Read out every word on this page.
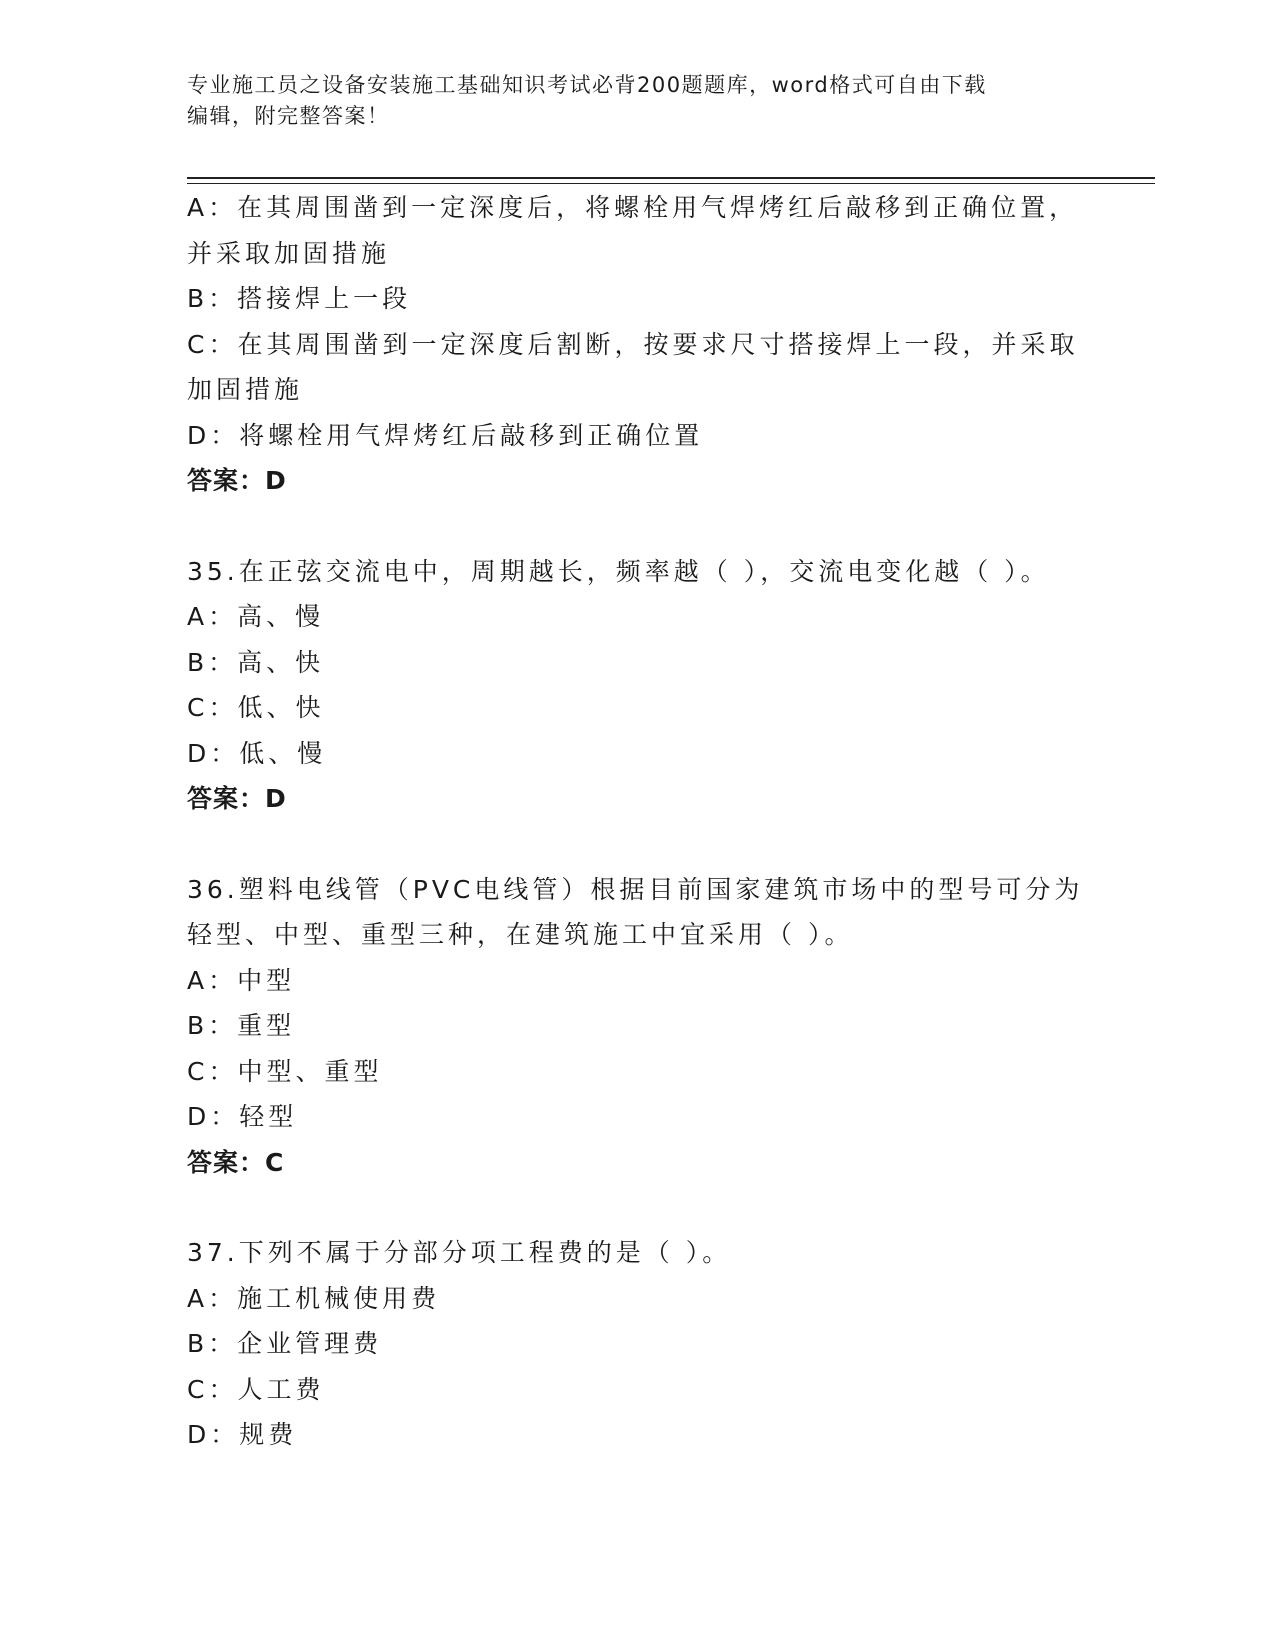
专业施工员之设备安装施工基础知识考试必背200题题库，word格式可自由下载
编辑，附完整答案！
A：在其周围凿到一定深度后，将螺栓用气焊烤红后敲移到正确位置，
并采取加固措施
B：搭接焊上一段
C：在其周围凿到一定深度后割断，按要求尺寸搭接焊上一段，并采取
加固措施
D：将螺栓用气焊烤红后敲移到正确位置
答案：D
35.在正弦交流电中，周期越长，频率越（ ），交流电变化越（ ）。
A：高、慢
B：高、快
C：低、快
D：低、慢
答案：D
36.塑料电线管（PVC电线管）根据目前国家建筑市场中的型号可分为
轻型、中型、重型三种，在建筑施工中宜采用（ ）。
A：中型
B：重型
C：中型、重型
D：轻型
答案：C
37.下列不属于分部分项工程费的是（ ）。
A：施工机械使用费
B：企业管理费
C：人工费
D：规费
